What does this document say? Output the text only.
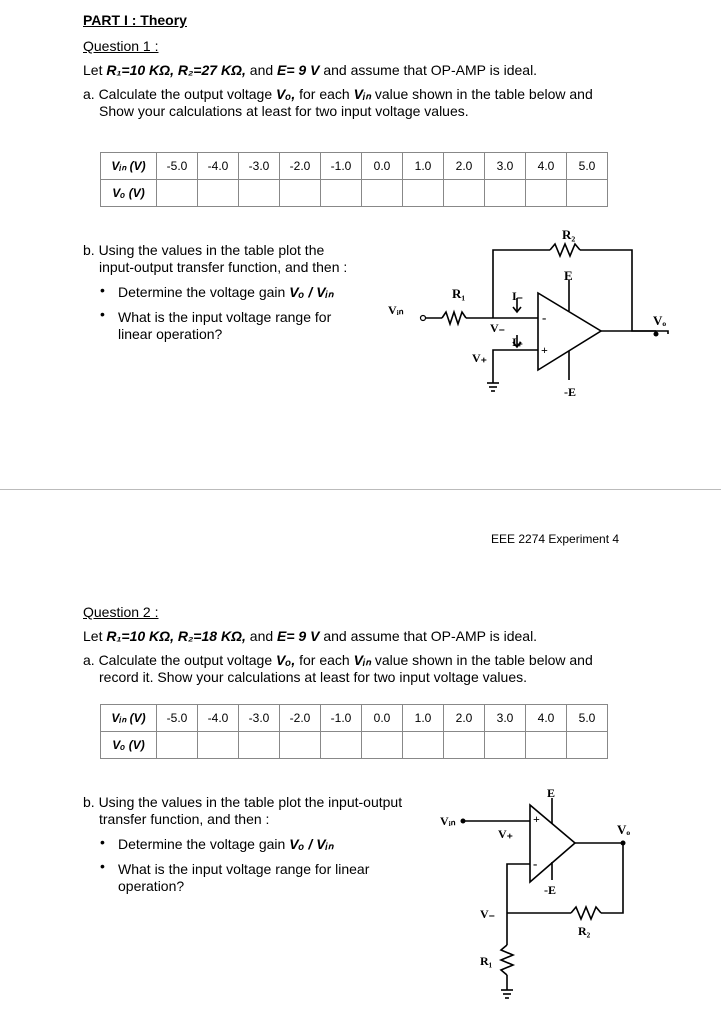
PART I : Theory
Question 1 :
Let R₁=10 KΩ, R₂=27 KΩ, and E= 9 V and assume that OP-AMP is ideal.
a. Calculate the output voltage Vₒ, for each Vᵢₙ value shown in the table below and
Show your calculations at least for two input voltage values.
Vᵢₙ (V)	-5.0	-4.0	-3.0	-2.0	-1.0	0.0	1.0	2.0	3.0	4.0	5.0
Vₒ (V)											
b. Using the values in the table plot the
input-output transfer function, and then :
• Determine the voltage gain Vₒ / Vᵢₙ
• What is the input voltage range for
linear operation?
R₂
E
R₁
Vᵢₙ
I₋
V₋
I₊
V₊
-
+
-E
Vₒ
EEE 2274 Experiment 4
Question 2 :
Let R₁=10 KΩ, R₂=18 KΩ, and E= 9 V and assume that OP-AMP is ideal.
a. Calculate the output voltage Vₒ, for each Vᵢₙ value shown in the table below and
record it. Show your calculations at least for two input voltage values.
Vᵢₙ (V)	-5.0	-4.0	-3.0	-2.0	-1.0	0.0	1.0	2.0	3.0	4.0	5.0
Vₒ (V)											
b. Using the values in the table plot the input-output
transfer function, and then :
• Determine the voltage gain Vₒ / Vᵢₙ
• What is the input voltage range for linear
operation?
E
Vᵢₙ
V₊
+
-
-E
Vₒ
V₋
R₂
R₁
